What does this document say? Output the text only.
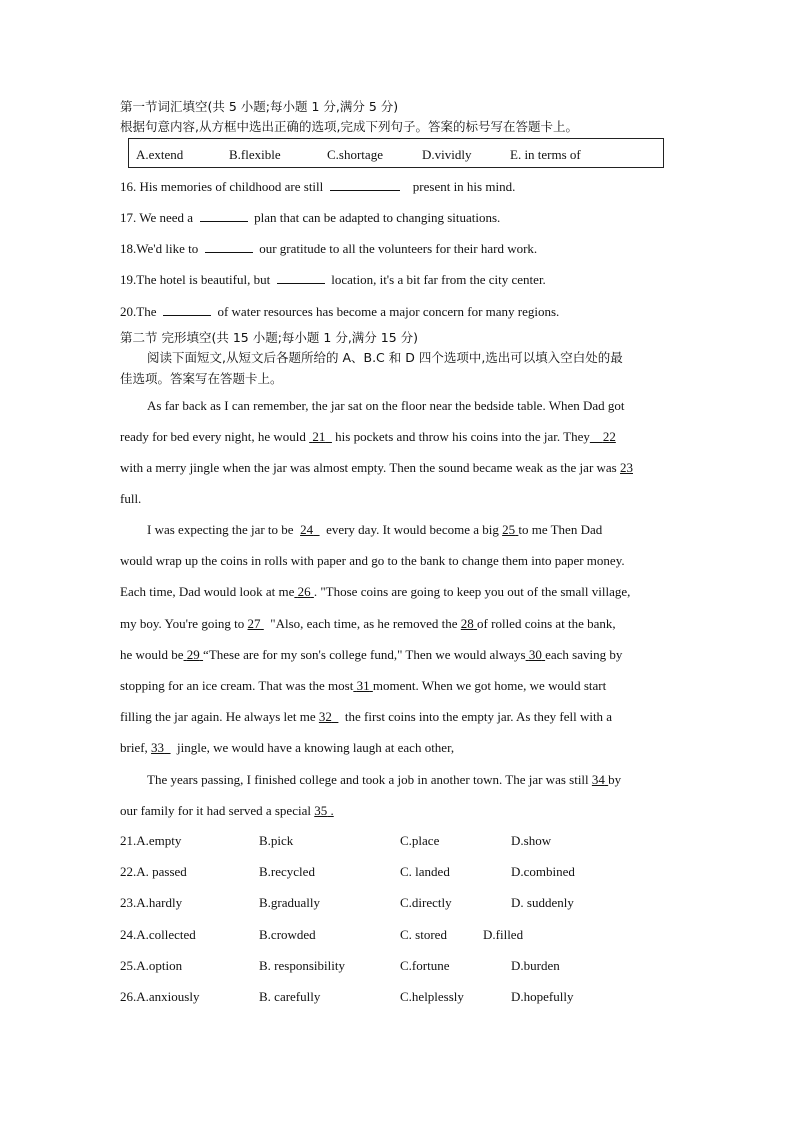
第一节词汇填空(共 5 小题;每小题 1 分,满分 5 分)
根据句意内容,从方框中选出正确的选项,完成下列句子。答案的标号写在答题卡上。
A.extend	B.flexible	C.shortage	D.vividly	E. in terms of
16. His memories of childhood are still	present in his mind.
17. We need a	plan that can be adapted to changing situations.
18.We'd like to	our gratitude to all the volunteers for their hard work.
19.The hotel is beautiful, but	location, it's a bit far from the city center.
20.The	of water resources has become a major concern for many regions.
第二节 完形填空(共 15 小题;每小题 1 分,满分 15 分)
阅读下面短文,从短文后各题所给的 A、B.C 和 D 四个选项中,选出可以填入空白处的最
佳选项。答案写在答题卡上。
As far back as I can remember, the jar sat on the floor near the bedside table. When Dad got
ready for bed every night, he would 21 his pockets and throw his coins into the jar. They 22
with a merry jingle when the jar was almost empty. Then the sound became weak as the jar was 23
full.
I was expecting the jar to be 24 every day. It would become a big 25 to me Then Dad
would wrap up the coins in rolls with paper and go to the bank to change them into paper money.
Each time, Dad would look at me 26 . "Those coins are going to keep you out of the small village,
my boy. You're going to 27 "Also, each time, as he removed the 28 of rolled coins at the bank,
he would be 29 “These are for my son's college fund," Then we would always 30 each saving by
stopping for an ice cream. That was the most 31 moment. When we got home, we would start
filling the jar again. He always let me 32 the first coins into the empty jar. As they fell with a
brief, 33 jingle, we would have a knowing laugh at each other,
The years passing, I finished college and took a job in another town. The jar was still 34 by
our family for it had served a special 35 .
21.A.empty	B.pick	C.place	D.show
22.A. passed	B.recycled	C. landed	D.combined
23.A.hardly	B.gradually	C.directly	D. suddenly
24.A.collected	B.crowded	C. stored	D.filled
25.A.option	B. responsibility	C.fortune	D.burden
26.A.anxiously	B. carefully	C.helplessly	D.hopefully
